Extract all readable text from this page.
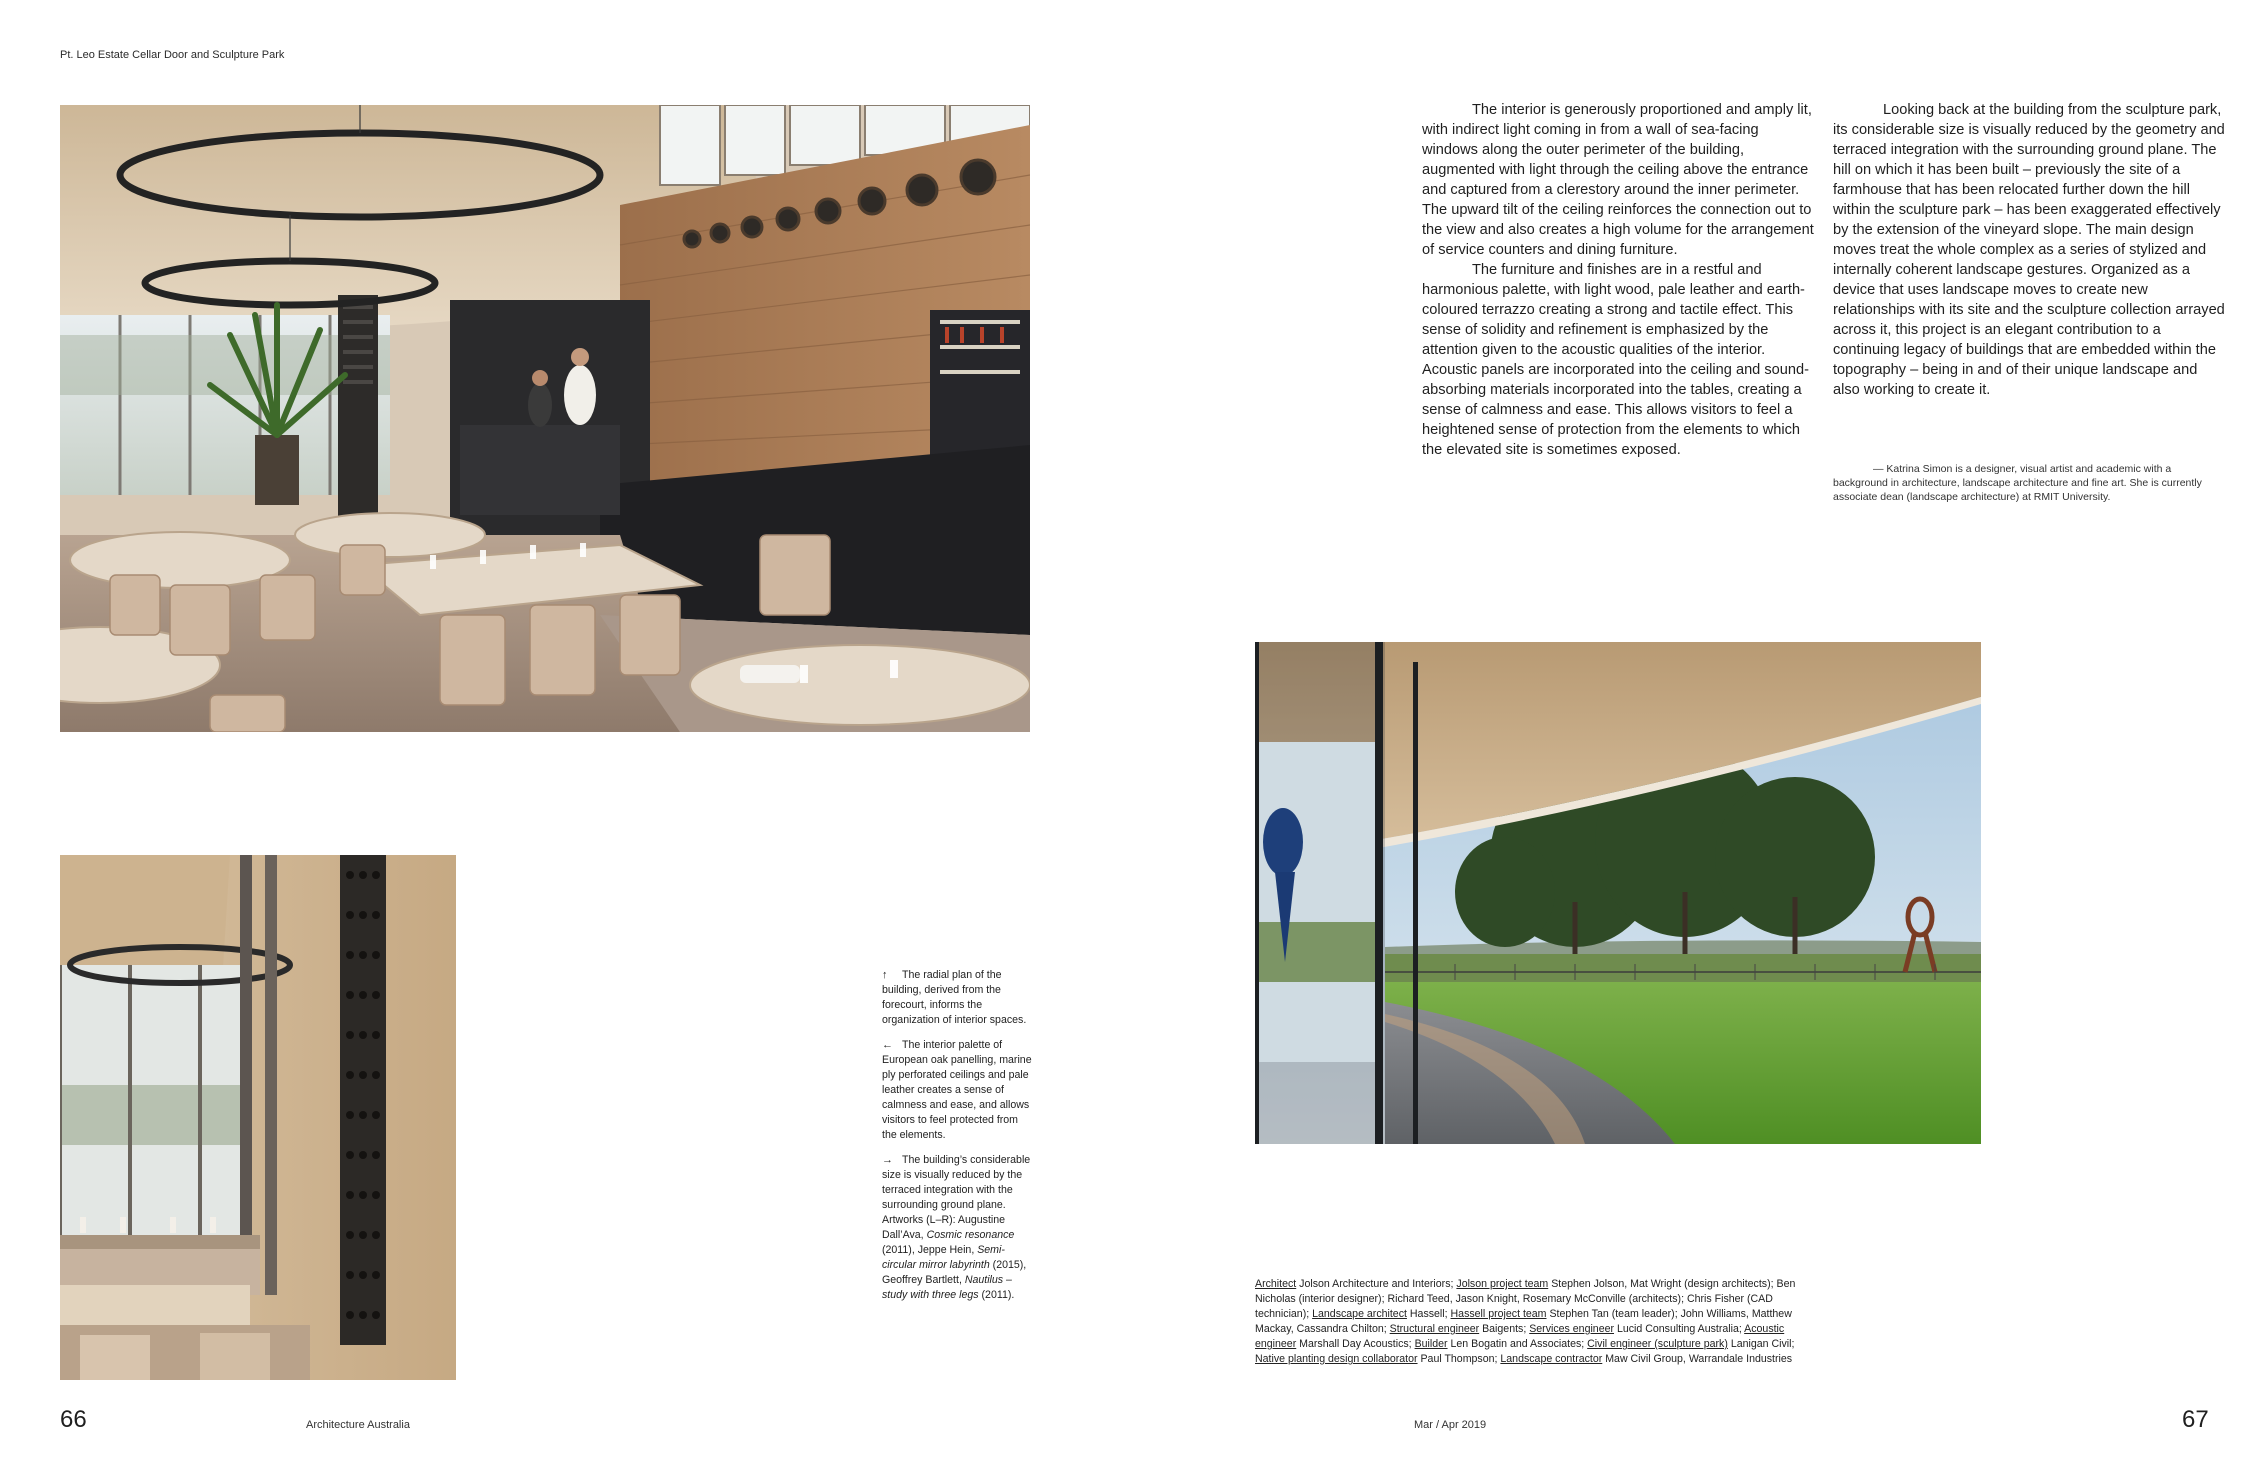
Pt. Leo Estate Cellar Door and Sculpture Park

The interior is generously proportioned and amply lit, with indirect light coming in from a wall of sea-facing windows along the outer perimeter of the building, augmented with light through the ceiling above the entrance and captured from a clerestory around the inner perimeter. The upward tilt of the ceiling reinforces the connection out to the view and also creates a high volume for the arrangement of service counters and dining furniture.

The furniture and finishes are in a restful and harmonious palette, with light wood, pale leather and earth-coloured terrazzo creating a strong and tactile effect. This sense of solidity and refinement is emphasized by the attention given to the acoustic qualities of the interior. Acoustic panels are incorporated into the ceiling and sound-absorbing materials incorporated into the tables, creating a sense of calmness and ease. This allows visitors to feel a heightened sense of protection from the elements to which the elevated site is sometimes exposed.

Looking back at the building from the sculpture park, its considerable size is visually reduced by the geometry and terraced integration with the surrounding ground plane. The hill on which it has been built – previously the site of a farmhouse that has been relocated further down the hill within the sculpture park – has been exaggerated effectively by the extension of the vineyard slope. The main design moves treat the whole complex as a series of stylized and internally coherent landscape gestures. Organized as a device that uses landscape moves to create new relationships with its site and the sculpture collection arrayed across it, this project is an elegant contribution to a continuing legacy of buildings that are embedded within the topography – being in and of their unique landscape and also working to create it.

— Katrina Simon is a designer, visual artist and academic with a background in architecture, landscape architecture and fine art. She is currently associate dean (landscape architecture) at RMIT University.

↑ The radial plan of the building, derived from the forecourt, informs the organization of interior spaces.

← The interior palette of European oak panelling, marine ply perforated ceilings and pale leather creates a sense of calmness and ease, and allows visitors to feel protected from the elements.

→ The building’s considerable size is visually reduced by the terraced integration with the surrounding ground plane. Artworks (L–R): Augustine Dall’Ava, Cosmic resonance (2011), Jeppe Hein, Semi-circular mirror labyrinth (2015), Geoffrey Bartlett, Nautilus – study with three legs (2011).

Architect Jolson Architecture and Interiors; Jolson project team Stephen Jolson, Mat Wright (design architects); Ben Nicholas (interior designer); Richard Teed, Jason Knight, Rosemary McConville (architects); Chris Fisher (CAD technician); Landscape architect Hassell; Hassell project team Stephen Tan (team leader); John Williams, Matthew Mackay, Cassandra Chilton; Structural engineer Baigents; Services engineer Lucid Consulting Australia; Acoustic engineer Marshall Day Acoustics; Builder Len Bogatin and Associates; Civil engineer (sculpture park) Lanigan Civil; Native planting design collaborator Paul Thompson; Landscape contractor Maw Civil Group, Warrandale Industries

66	Architecture Australia	Mar / Apr 2019	67
